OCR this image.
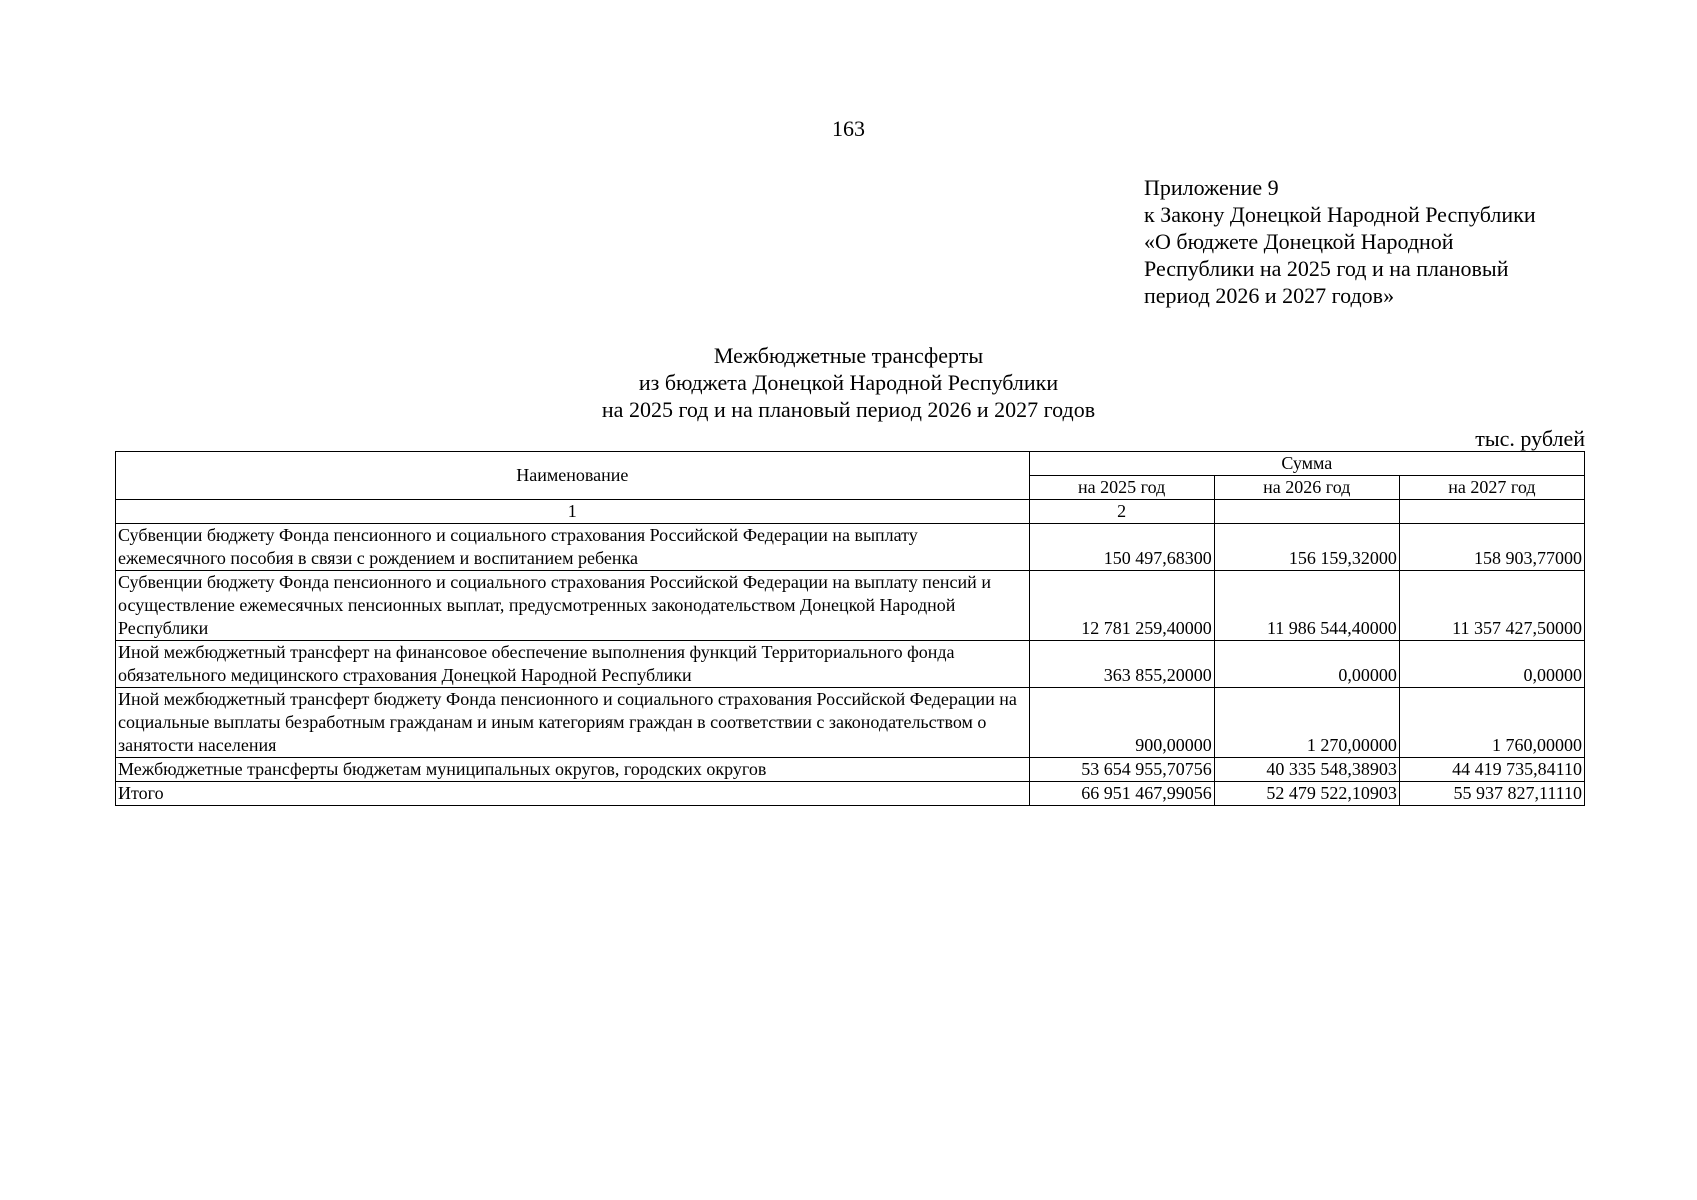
163
Приложение 9
к Закону Донецкой Народной Республики
«О бюджете Донецкой Народной
Республики на 2025 год и на плановый
период 2026 и 2027 годов»
Межбюджетные трансферты
из бюджета Донецкой Народной Республики
на 2025 год и на плановый период 2026 и 2027 годов
тыс. рублей
Наименование	Сумма		
	на 2025 год	на 2026 год	на 2027 год
1	2		
Субвенции бюджету Фонда пенсионного и социального страхования Российской Федерации на выплату ежемесячного пособия в связи с рождением и воспитанием ребенка	150 497,68300	156 159,32000	158 903,77000
Субвенции бюджету Фонда пенсионного и социального страхования Российской Федерации на выплату пенсий и осуществление ежемесячных пенсионных выплат, предусмотренных законодательством Донецкой Народной Республики	12 781 259,40000	11 986 544,40000	11 357 427,50000
Иной межбюджетный трансферт на финансовое обеспечение выполнения функций Территориального фонда обязательного медицинского страхования Донецкой Народной Республики	363 855,20000	0,00000	0,00000
Иной межбюджетный трансферт бюджету Фонда пенсионного и социального страхования Российской Федерации на социальные выплаты безработным гражданам и иным категориям граждан в соответствии с законодательством о занятости населения	900,00000	1 270,00000	1 760,00000
Межбюджетные трансферты бюджетам муниципальных округов, городских округов	53 654 955,70756	40 335 548,38903	44 419 735,84110
Итого	66 951 467,99056	52 479 522,10903	55 937 827,11110
